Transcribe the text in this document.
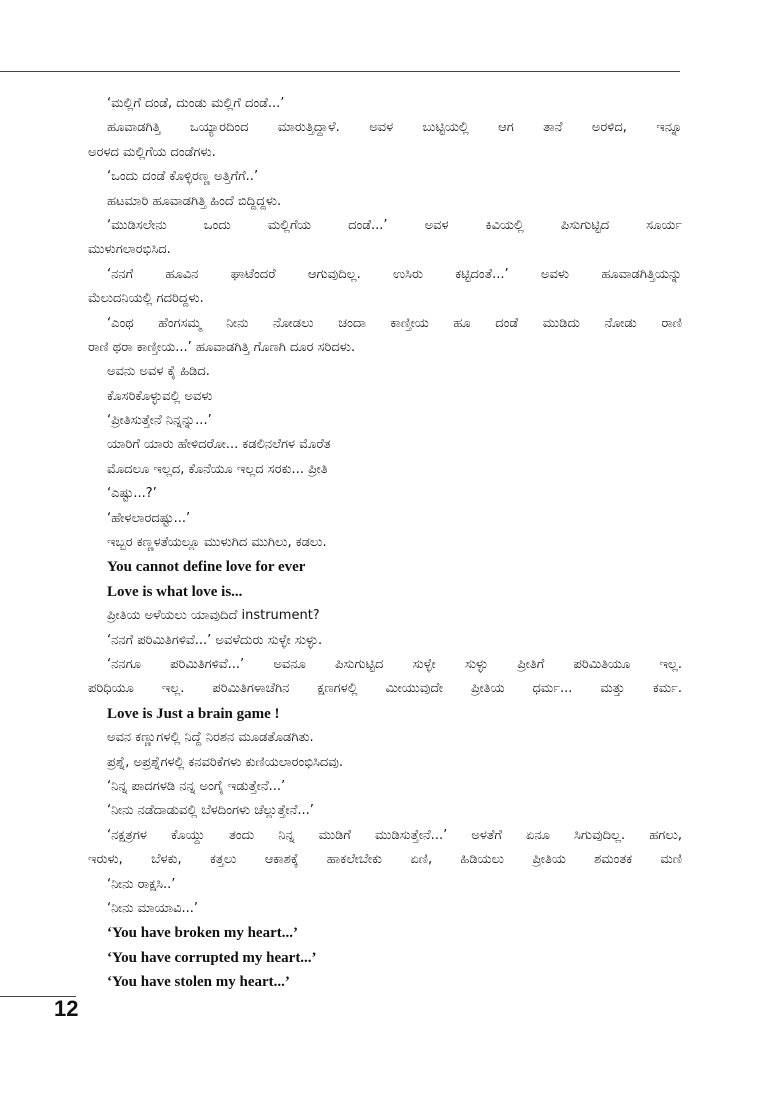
‘ಮಲ್ಲಿಗೆ ದಂಡೆ, ದುಂಡು ಮಲ್ಲಿಗೆ ದಂಡೆ...’
ಹೂವಾಡಗಿತ್ತಿ ಒಯ್ಯಾರದಿಂದ ಮಾರುತ್ತಿದ್ದಾಳೆ. ಅವಳ ಬುಟ್ಟಿಯಲ್ಲಿ ಆಗ ತಾನೆ ಅರಳಿದ, ಇನ್ನೂ
ಅರಳದ ಮಲ್ಲಿಗೆಯ ದಂಡೆಗಳು.
‘ಒಂದು ದಂಡೆ ಕೊಳ್ಳಿರಣ್ಣ ಅತ್ತಿಗೆಗೆ..’
ಹಟಮಾರಿ ಹೂವಾಡಗಿತ್ತಿ ಹಿಂದೆ ಬಿದ್ದಿದ್ದಳು.
‘ಮುಡಿಸಲೇನು ಒಂದು ಮಲ್ಲಿಗೆಯ ದಂಡೆ...’ ಅವಳ ಕಿವಿಯಲ್ಲಿ ಪಿಸುಗುಟ್ಟಿದ ಸೂರ್ಯ
ಮುಳುಗಲಾರಭಿಸಿದ.
‘ನನಗೆ ಹೂವಿನ ಘಾಟೆಂದರೆ ಆಗುವುದಿಲ್ಲ. ಉಸಿರು ಕಟ್ಟಿದಂತೆ...’ ಅವಳು ಹೂವಾಡಗಿತ್ತಿಯನ್ನು
ಮೆಲುದನಿಯಲ್ಲಿ ಗದರಿದ್ದಳು.
‘ಎಂಥ ಹೆಂಗಸಮ್ಮ ನೀನು ನೋಡಲು ಚಂದಾ ಕಾಣ್ತೀಯ ಹೂ ದಂಡೆ ಮುಡಿದು ನೋಡು ರಾಣಿ
ರಾಣಿ ಥರಾ ಕಾಣ್ತೀಯ...’ ಹೂವಾಡಗಿತ್ತಿ ಗೊಣಗಿ ದೂರ ಸರಿದಳು.
ಅವನು ಅವಳ ಕೈ ಹಿಡಿದ.
ಕೊಸರಿಕೊಳ್ಳುವಲ್ಲಿ ಅವಳು
‘ಪ್ರೀತಿಸುತ್ತೇನೆ ನಿನ್ನನ್ನು...’
ಯಾರಿಗೆ ಯಾರು ಹೇಳಿದರೋ... ಕಡಲಿನಲೆಗಳ ಮೊರೆತ
ಮೊದಲೂ ಇಲ್ಲದ, ಕೊನೆಯೂ ಇಲ್ಲದ ಸರಕು... ಪ್ರೀತಿ
‘ಎಷ್ಟು...?’
‘ಹೇಳಲಾರದಷ್ಟು...’
ಇಬ್ಬರ ಕಣ್ಣಳತೆಯಲ್ಲೂ ಮುಳುಗಿದ ಮುಗಿಲು, ಕಡಲು.
You cannot define love for ever
Love is what love is...
ಪ್ರೀತಿಯ ಅಳೆಯಲು ಯಾವುದಿದೆ instrument?
‘ನನಗೆ ಪರಿಮಿತಿಗಳಿವೆ...’ ಅವಳೆದುರು ಸುಳ್ಳೇ ಸುಳ್ಳು.
‘ನನಗೂ ಪರಿಮಿತಿಗಳಿವೆ...’ ಅವನೂ ಪಿಸುಗುಟ್ಟಿದ ಸುಳ್ಳೇ ಸುಳ್ಳು ಪ್ರೀತಿಗೆ ಪರಿಮಿತಿಯೂ ಇಲ್ಲ.
ಪರಿಧಿಯೂ ಇಲ್ಲ. ಪರಿಮಿತಿಗಳಾಚೆಗಿನ ಕ್ಷಣಗಳಲ್ಲಿ ಮೀಯುವುದೇ ಪ್ರೀತಿಯ ಧರ್ಮ... ಮತ್ತು ಕರ್ಮ.
Love is Just a brain game !
ಅವನ ಕಣ್ಣುಗಳಲ್ಲಿ ನಿದ್ದೆ ನಿರಶನ ಮೂಡತೊಡಗಿತು.
ಪ್ರಶ್ನೆ, ಅಪ್ರಶ್ನೆಗಳಲ್ಲಿ ಕನವರಿಕೆಗಳು ಕುಣಿಯಲಾರಂಭಿಸಿದವು.
‘ನಿನ್ನ ಪಾದಗಳಡಿ ನನ್ನ ಅಂಗೈ ಇಡುತ್ತೇನೆ...’
‘ನೀನು ನಡೆದಾಡುವಲ್ಲಿ ಬೆಳದಿಂಗಳು ಚೆಲ್ಲುತ್ತೇನೆ...’
‘ನಕ್ಷತ್ರಗಳ ಕೊಯ್ದು ತಂದು ನಿನ್ನ ಮುಡಿಗೆ ಮುಡಿಸುತ್ತೇನೆ...’ ಅಳತೆಗೆ ಏನೂ ಸಿಗುವುದಿಲ್ಲ. ಹಗಲು,
ಇರುಳು, ಬೆಳಕು, ಕತ್ತಲು ಆಕಾಶಕ್ಕೆ ಹಾಕಲೇಬೇಕು ಏಣಿ, ಹಿಡಿಯಲು ಪ್ರೀತಿಯ ಶಮಂತಕ ಮಣಿ
‘ನೀನು ರಾಕ್ಷಸಿ..’
‘ನೀನು ಮಾಯಾವಿ...’
‘You have broken my heart...’
‘You have corrupted my heart...’
‘You have stolen my heart...’
12
